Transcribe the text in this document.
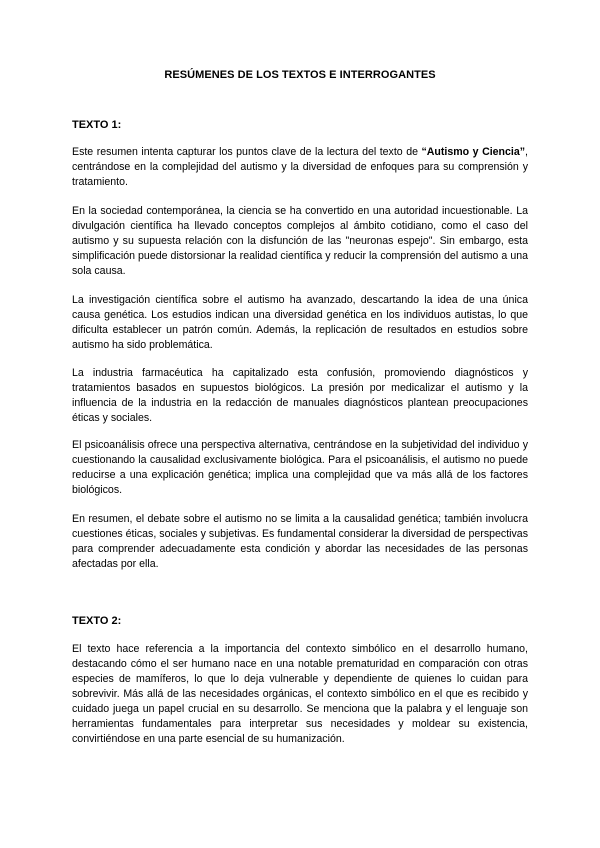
RESÚMENES DE LOS TEXTOS E INTERROGANTES
TEXTO 1:

Este resumen intenta capturar los puntos clave de la lectura del texto de “Autismo y Ciencia”, centrándose en la complejidad del autismo y la diversidad de enfoques para su comprensión y tratamiento.

En la sociedad contemporánea, la ciencia se ha convertido en una autoridad incuestionable. La divulgación científica ha llevado conceptos complejos al ámbito cotidiano, como el caso del autismo y su supuesta relación con la disfunción de las "neuronas espejo". Sin embargo, esta simplificación puede distorsionar la realidad científica y reducir la comprensión del autismo a una sola causa.

La investigación científica sobre el autismo ha avanzado, descartando la idea de una única causa genética. Los estudios indican una diversidad genética en los individuos autistas, lo que dificulta establecer un patrón común. Además, la replicación de resultados en estudios sobre autismo ha sido problemática.

La industria farmacéutica ha capitalizado esta confusión, promoviendo diagnósticos y tratamientos basados en supuestos biológicos. La presión por medicalizar el autismo y la influencia de la industria en la redacción de manuales diagnósticos plantean preocupaciones éticas y sociales.

El psicoanálisis ofrece una perspectiva alternativa, centrándose en la subjetividad del individuo y cuestionando la causalidad exclusivamente biológica. Para el psicoanálisis, el autismo no puede reducirse a una explicación genética; implica una complejidad que va más allá de los factores biológicos.

En resumen, el debate sobre el autismo no se limita a la causalidad genética; también involucra cuestiones éticas, sociales y subjetivas. Es fundamental considerar la diversidad de perspectivas para comprender adecuadamente esta condición y abordar las necesidades de las personas afectadas por ella.

TEXTO 2:

El texto hace referencia a la importancia del contexto simbólico en el desarrollo humano, destacando cómo el ser humano nace en una notable prematuridad en comparación con otras especies de mamíferos, lo que lo deja vulnerable y dependiente de quienes lo cuidan para sobrevivir. Más allá de las necesidades orgánicas, el contexto simbólico en el que es recibido y cuidado juega un papel crucial en su desarrollo. Se menciona que la palabra y el lenguaje son herramientas fundamentales para interpretar sus necesidades y moldear su existencia, convirtiéndose en una parte esencial de su humanización.
